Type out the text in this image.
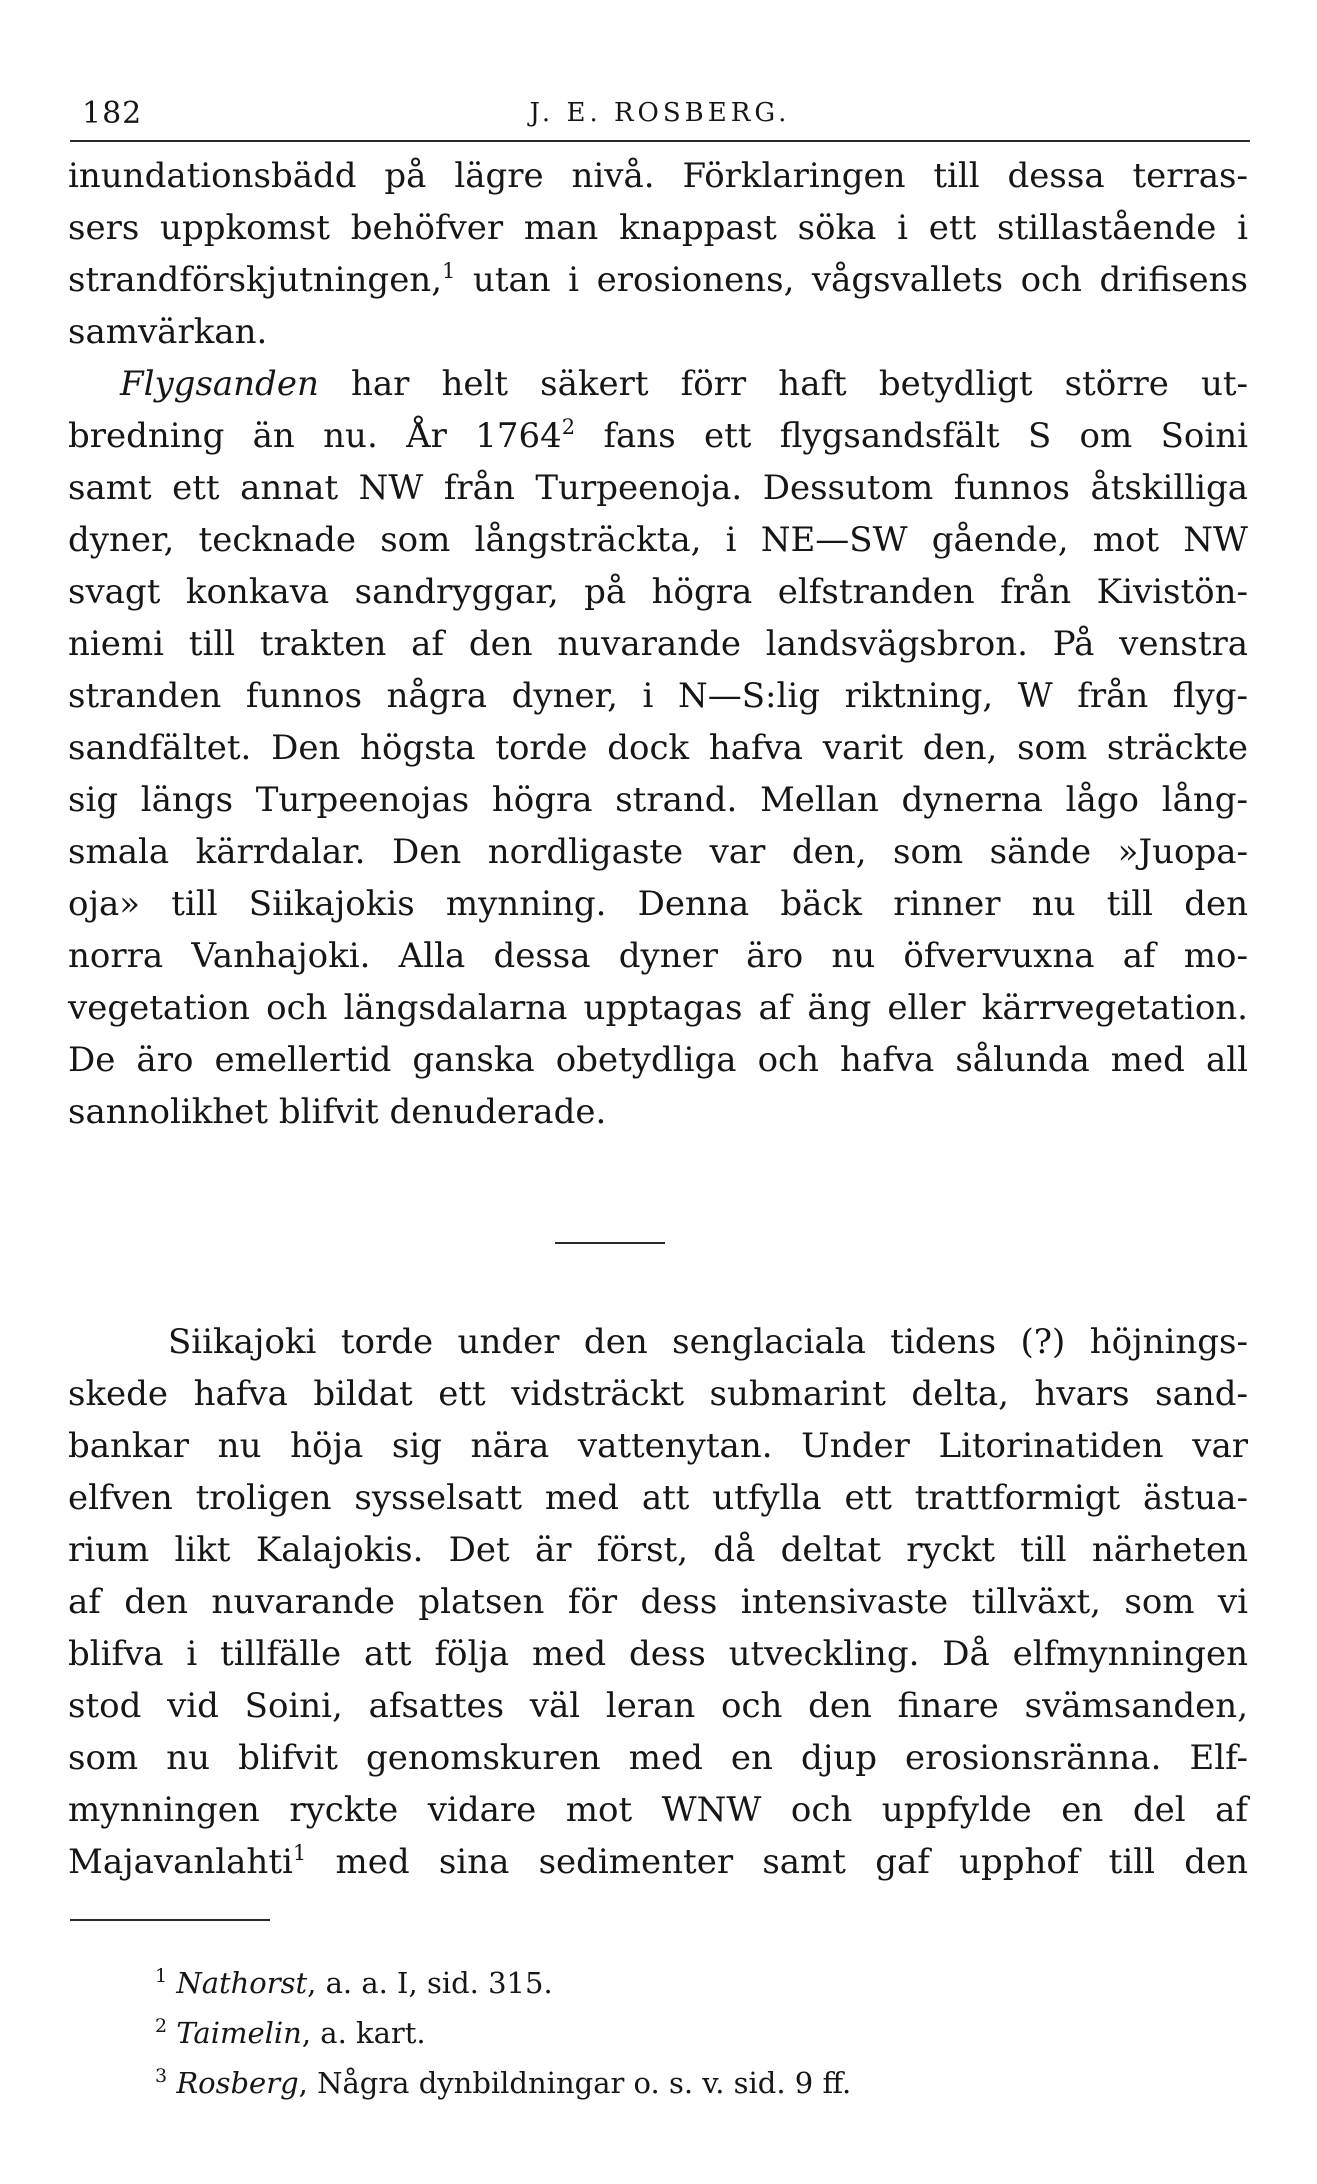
182	J. E. ROSBERG.
inundationsbädd på lägre nivå. Förklaringen till dessa terras-
sers uppkomst behöfver man knappast söka i ett stillastående i
strandförskjutningen,$^1$ utan i erosionens, vågsvallets och drifisens
samvärkan.
Flygsanden har helt säkert förr haft betydligt större ut-
bredning än nu. År 1764$^2$ fans ett flygsandsfält S om Soini
samt ett annat NW från Turpeenoja. Dessutom funnos åtskilliga
dyner, tecknade som långsträckta, i NE—SW gående, mot NW
svagt konkava sandryggar, på högra elfstranden från Kivistön-
niemi till trakten af den nuvarande landsvägsbron. På venstra
stranden funnos några dyner, i N—S:lig riktning, W från flyg-
sandfältet. Den högsta torde dock hafva varit den, som sträckte
sig längs Turpeenojas högra strand. Mellan dynerna lågo lång-
smala kärrdalar. Den nordligaste var den, som sände »Juopa-
oja» till Siikajokis mynning. Denna bäck rinner nu till den
norra Vanhajoki. Alla dessa dyner äro nu öfvervuxna af mo-
vegetation och längsdalarna upptagas af äng eller kärrvegetation.
De äro emellertid ganska obetydliga och hafva sålunda med all
sannolikhet blifvit denuderade.
Siikajoki torde under den senglaciala tidens (?) höjnings-
skede hafva bildat ett vidsträckt submarint delta, hvars sand-
bankar nu höja sig nära vattenytan. Under Litorinatiden var
elfven troligen sysselsatt med att utfylla ett trattformigt ästua-
rium likt Kalajokis. Det är först, då deltat ryckt till närheten
af den nuvarande platsen för dess intensivaste tillväxt, som vi
blifva i tillfälle att följa med dess utveckling. Då elfmynningen
stod vid Soini, afsattes väl leran och den finare svämsanden,
som nu blifvit genomskuren med en djup erosionsränna. Elf-
mynningen ryckte vidare mot WNW och uppfylde en del af
Majavanlahti$^1$ med sina sedimenter samt gaf upphof till den
$^1$ Nathorst, a. a. I, sid. 315.
$^2$ Taimelin, a. kart.
$^3$ Rosberg, Några dynbildningar o. s. v. sid. 9 ff.
